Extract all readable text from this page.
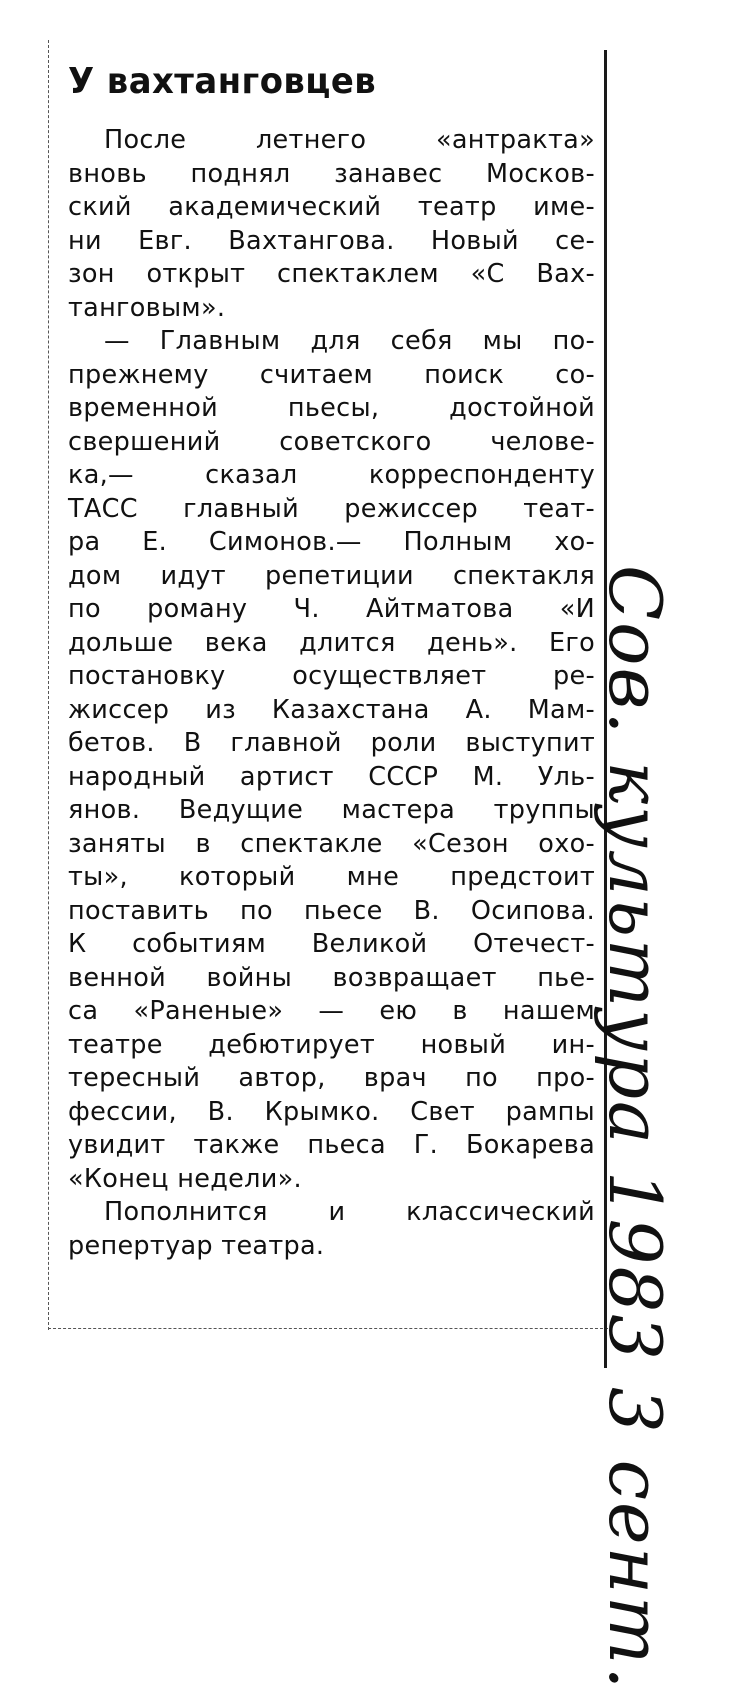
У вахтанговцев
После летнего «антракта»
вновь поднял занавес Москов-
ский академический театр име-
ни Евг. Вахтангова. Новый се-
зон открыт спектаклем «С Вах-
танговым».
— Главным для себя мы по-
прежнему считаем поиск со-
временной пьесы, достойной
свершений советского челове-
ка,— сказал корреспонденту
ТАСС главный режиссер теат-
ра Е. Симонов.— Полным хо-
дом идут репетиции спектакля
по роману Ч. Айтматова «И
дольше века длится день». Его
постановку осуществляет ре-
жиссер из Казахстана А. Мам-
бетов. В главной роли выступит
народный артист СССР М. Уль-
янов. Ведущие мастера труппы
заняты в спектакле «Сезон охо-
ты», который мне предстоит
поставить по пьесе В. Осипова.
К событиям Великой Отечест-
венной войны возвращает пье-
са «Раненые» — ею в нашем
театре дебютирует новый ин-
тересный автор, врач по про-
фессии, В. Крымко. Свет рампы
увидит также пьеса Г. Бокарева
«Конец недели».
Пополнится и классический
репертуар театра.	Сов. культура 1983 3 сент.
